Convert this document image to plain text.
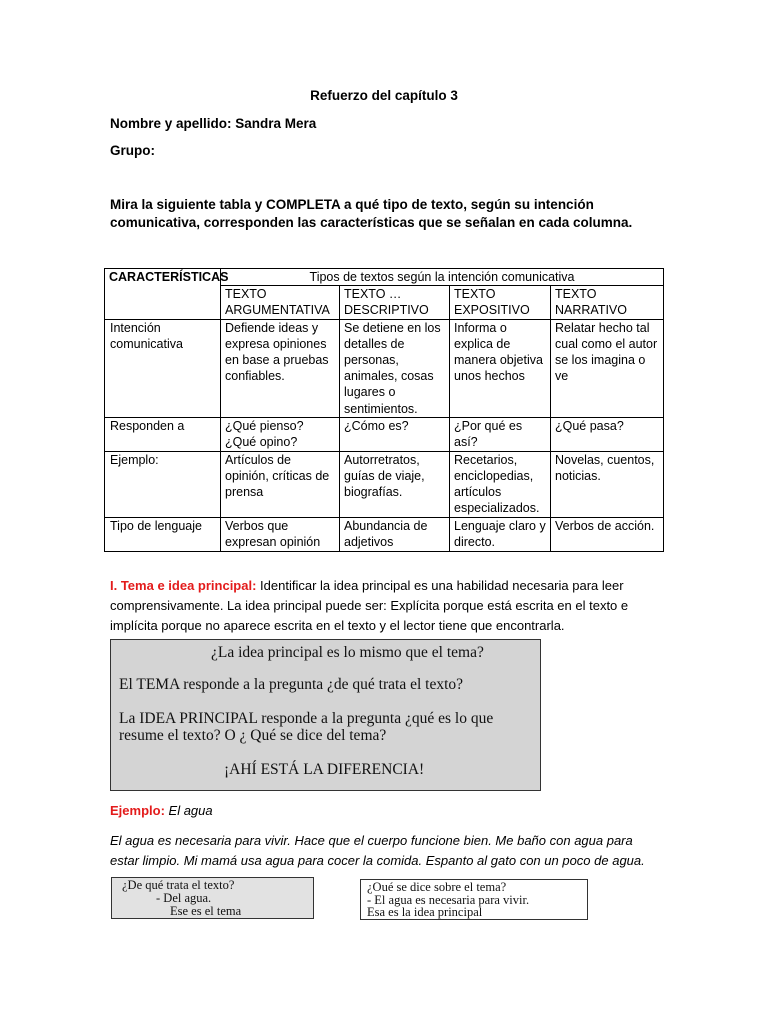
Refuerzo del capítulo 3
Nombre y apellido: Sandra Mera
Grupo:
Mira la siguiente tabla y COMPLETA a qué tipo de texto, según su intención comunicativa, corresponden las características que se señalan en cada columna.
CARACTERÍSTICAS	Tipos de textos según la intención comunicativa			
	TEXTO ARGUMENTATIVA	TEXTO … DESCRIPTIVO	TEXTO EXPOSITIVO	TEXTO NARRATIVO
Intención comunicativa	Defiende ideas y expresa opiniones en base a pruebas confiables.	Se detiene en los detalles de personas, animales, cosas lugares o sentimientos.	Informa o explica de manera objetiva unos hechos	Relatar hecho tal cual como el autor se los imagina o ve
Responden a	¿Qué pienso? ¿Qué opino?	¿Cómo es?	¿Por qué es así?	¿Qué pasa?
Ejemplo:	Artículos de opinión, críticas de prensa	Autorretratos, guías de viaje, biografías.	Recetarios, enciclopedias, artículos especializados.	Novelas, cuentos, noticias.
Tipo de lenguaje	Verbos que expresan opinión	Abundancia de adjetivos	Lenguaje claro y directo.	Verbos de acción.
I. Tema e idea principal: Identificar la idea principal es una habilidad necesaria para leer comprensivamente. La idea principal puede ser: Explícita porque está escrita en el texto e implícita porque no aparece escrita en el texto y el lector tiene que encontrarla.
¿La idea principal es lo mismo que el tema?
El TEMA responde a la pregunta ¿de qué trata el texto?
La IDEA PRINCIPAL responde a la pregunta ¿qué es lo que
resume el texto? O ¿ Qué se dice del tema?
¡AHÍ ESTÁ LA DIFERENCIA!
Ejemplo: El agua
El agua es necesaria para vivir. Hace que el cuerpo funcione bien. Me baño con agua para estar limpio. Mi mamá usa agua para cocer la comida. Espanto al gato con un poco de agua.
¿De qué trata el texto?
- Del agua.
Ese es el tema
¿Oué se dice sobre el tema?
- El agua es necesaria para vivir.
Esa es la idea principal
